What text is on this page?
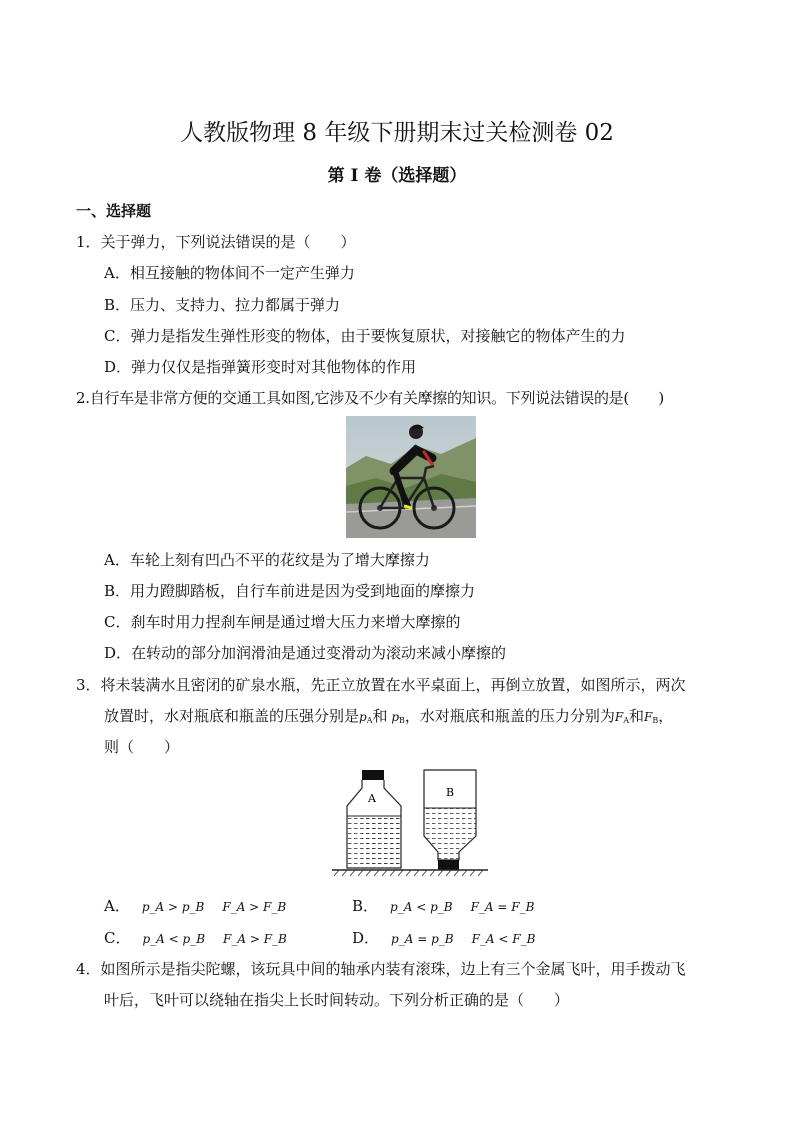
人教版物理 8 年级下册期末过关检测卷 02
第 I 卷（选择题）
一、选择题
1．关于弹力，下列说法错误的是（　　）
A．相互接触的物体间不一定产生弹力
B．压力、支持力、拉力都属于弹力
C．弹力是指发生弹性形变的物体，由于要恢复原状，对接触它的物体产生的力
D．弹力仅仅是指弹簧形变时对其他物体的作用
2.自行车是非常方便的交通工具如图,它涉及不少有关摩擦的知识。下列说法错误的是(　　)
A．车轮上刻有凹凸不平的花纹是为了增大摩擦力
B．用力蹬脚踏板，自行车前进是因为受到地面的摩擦力
C．刹车时用力捏刹车闸是通过增大压力来增大摩擦的
D．在转动的部分加润滑油是通过变滑动为滚动来减小摩擦的
3．将未装满水且密闭的矿泉水瓶，先正立放置在水平桌面上，再倒立放置，如图所示，两次
放置时，水对瓶底和瓶盖的压强分别是$p_A$和 $p_B$，水对瓶底和瓶盖的压力分别为$F_A$和$F_B$，
则（　　）
A	B
A． p_A > p_B F_A > F_B	B． p_A < p_B F_A = F_B
C． p_A < p_B F_A > F_B	D． p_A = p_B F_A < F_B
4．如图所示是指尖陀螺，该玩具中间的轴承内装有滚珠，边上有三个金属飞叶，用手拨动飞
叶后，飞叶可以绕轴在指尖上长时间转动。下列分析正确的是（　　）
